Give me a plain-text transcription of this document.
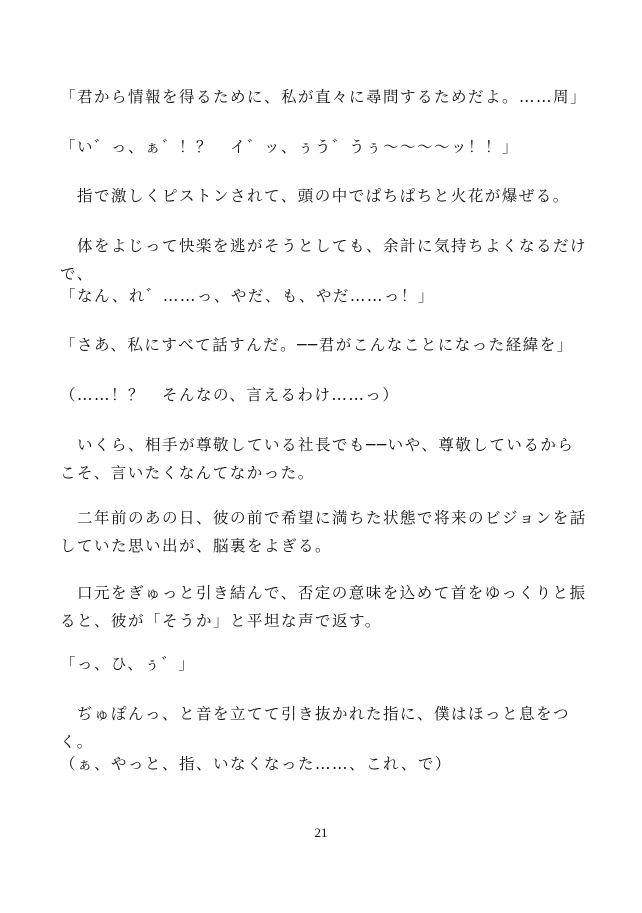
「君から情報を得るために、私が直々に尋問するためだよ。……周」

「い゛っ、ぁ゛！？　イ゛ッ、ぅう゛うぅ〜〜〜〜ッ！！」

　指で激しくピストンされて、頭の中でぱちぱちと火花が爆ぜる。

　体をよじって快楽を逃がそうとしても、余計に気持ちよくなるだけで、

「なん、れ゛……っ、やだ、も、やだ……っ！」

「さあ、私にすべて話すんだ。──君がこんなことになった経緯を」

（……！？　そんなの、言えるわけ……っ）

　いくら、相手が尊敬している社長でも──いや、尊敬しているからこそ、言いたくなんてなかった。

　二年前のあの日、彼の前で希望に満ちた状態で将来のビジョンを話していた思い出が、脳裏をよぎる。

　口元をぎゅっと引き結んで、否定の意味を込めて首をゆっくりと振ると、彼が「そうか」と平坦な声で返す。

「っ、ひ、ぅ゛」

　ぢゅぽんっ、と音を立てて引き抜かれた指に、僕はほっと息をつく。

（ぁ、やっと、指、いなくなった……、これ、で）

21
